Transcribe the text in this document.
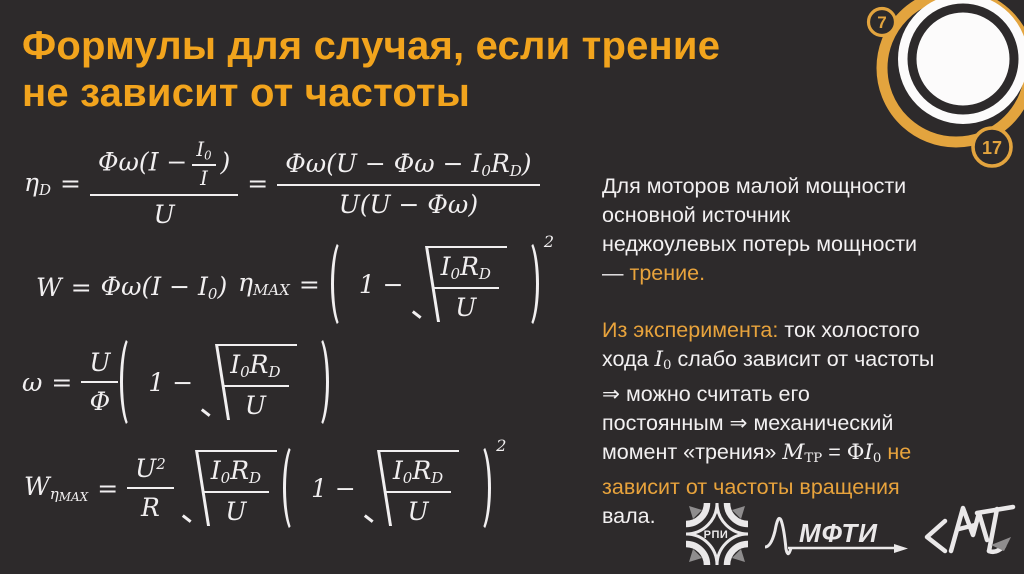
Формулы для случая, если трение
не зависит от частоты
$\eta D = \frac{\Phi\omega(I - \frac{I0}{I} )}{U} = \frac{\Phi\omega(U - \Phi\omega - I0RD)}{U(U - \Phi\omega)}$
W = Φω(I − I0) $\eta MAX = 1 - \frac{I0RD}{U}$
2
$\omega = \frac{U}{\Phi} 1 - \frac{I0RD}{U}$
$W\eta MAX = \frac{U^2}{R} \frac{I0RD}{U} 1 - \frac{I0RD}{U}$
2
Для моторов малой мощности
основной источник
неджоулевых потерь мощности
— трение.
Из эксперимента: ток холостого
хода I0 слабо зависит от частоты
⇒ можно считать его
постоянным ⇒ механический
момент «трения» MТР = ΦI0 не
зависит от частоты вращения
вала.
7
17
РПИ	МФТИ
